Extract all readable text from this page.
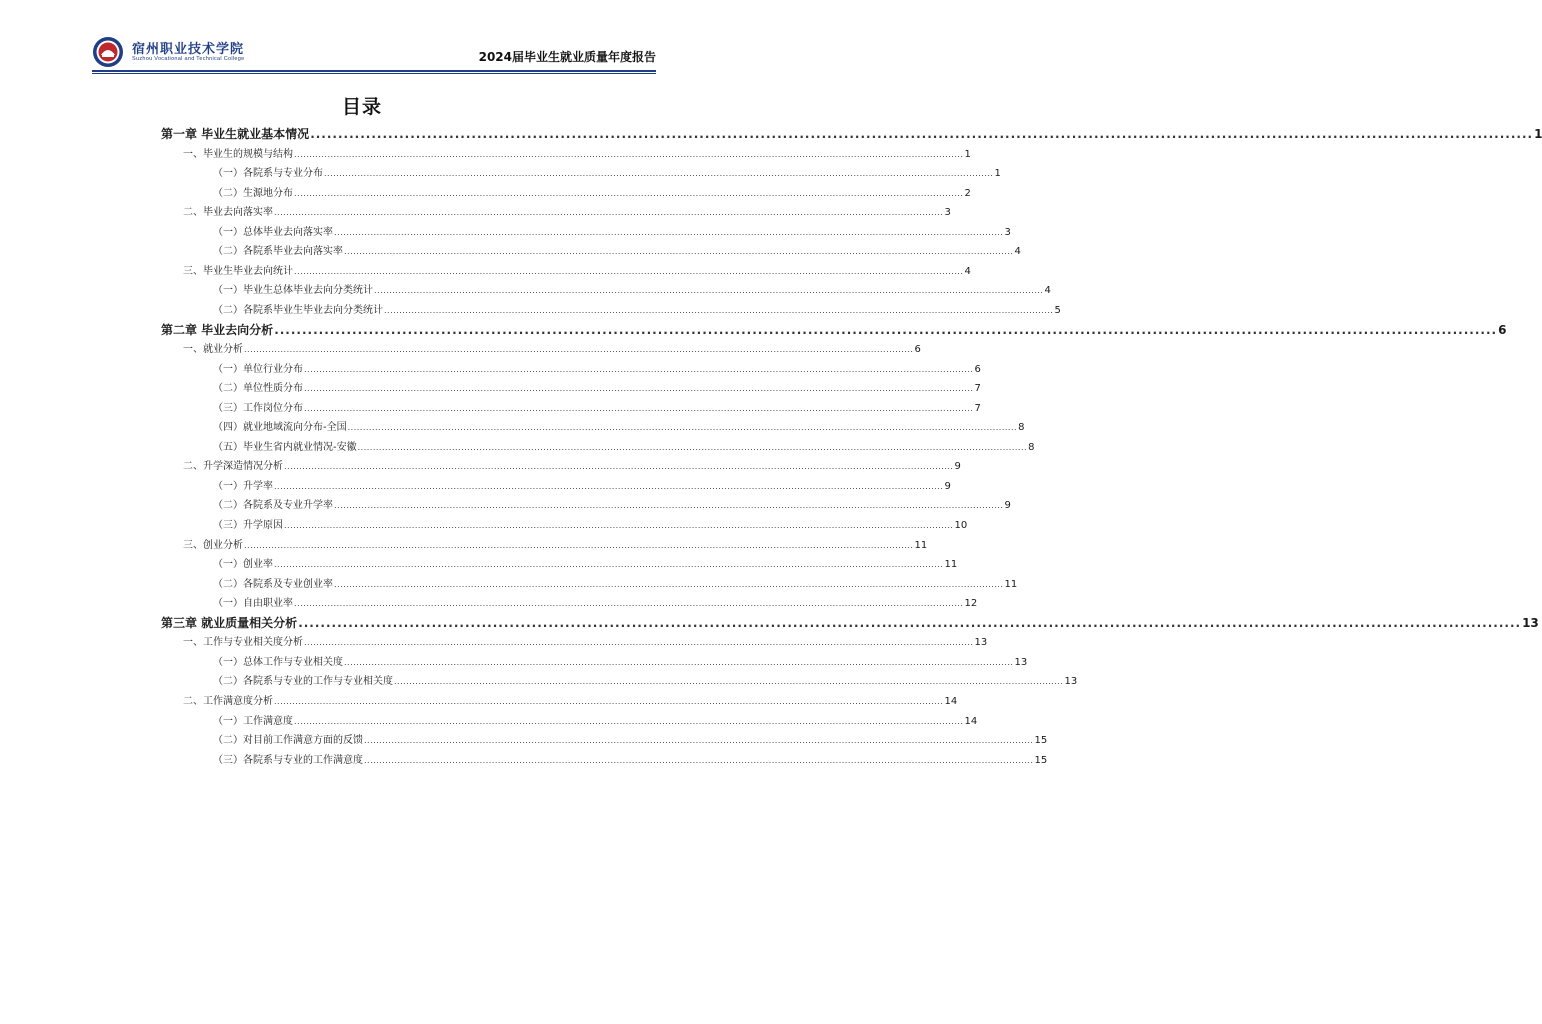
宿州职业技术学院
Suzhou Vocational and Technical College	2024届毕业生就业质量年度报告
目录
第一章 毕业生就业基本情况 ............................................................................................................................................................................................................................ 1
一、毕业生的规模与结构 ............................................................................................................................................................................................................................ 1
（一）各院系与专业分布 ............................................................................................................................................................................................................................ 1
（二）生源地分布 ............................................................................................................................................................................................................................ 2
二、毕业去向落实率 ............................................................................................................................................................................................................................ 3
（一）总体毕业去向落实率 ............................................................................................................................................................................................................................ 3
（二）各院系毕业去向落实率 ............................................................................................................................................................................................................................ 4
三、毕业生毕业去向统计 ............................................................................................................................................................................................................................ 4
（一）毕业生总体毕业去向分类统计 ............................................................................................................................................................................................................................ 4
（二）各院系毕业生毕业去向分类统计 ............................................................................................................................................................................................................................ 5
第二章 毕业去向分析 ............................................................................................................................................................................................................................ 6
一、就业分析 ............................................................................................................................................................................................................................ 6
（一）单位行业分布 ............................................................................................................................................................................................................................ 6
（二）单位性质分布 ............................................................................................................................................................................................................................ 7
（三）工作岗位分布 ............................................................................................................................................................................................................................ 7
（四）就业地域流向分布-全国 ............................................................................................................................................................................................................................ 8
（五）毕业生省内就业情况-安徽 ............................................................................................................................................................................................................................ 8
二、升学深造情况分析 ............................................................................................................................................................................................................................ 9
（一）升学率 ............................................................................................................................................................................................................................ 9
（二）各院系及专业升学率 ............................................................................................................................................................................................................................ 9
（三）升学原因 ............................................................................................................................................................................................................................ 10
三、创业分析 ............................................................................................................................................................................................................................ 11
（一）创业率 ............................................................................................................................................................................................................................ 11
（二）各院系及专业创业率 ............................................................................................................................................................................................................................ 11
（一）自由职业率 ............................................................................................................................................................................................................................ 12
第三章 就业质量相关分析 ............................................................................................................................................................................................................................ 13
一、工作与专业相关度分析 ............................................................................................................................................................................................................................ 13
（一）总体工作与专业相关度 ............................................................................................................................................................................................................................ 13
（二）各院系与专业的工作与专业相关度 ............................................................................................................................................................................................................................ 13
二、工作满意度分析 ............................................................................................................................................................................................................................ 14
（一）工作满意度 ............................................................................................................................................................................................................................ 14
（二）对目前工作满意方面的反馈 ............................................................................................................................................................................................................................ 15
（三）各院系与专业的工作满意度 ............................................................................................................................................................................................................................ 15
